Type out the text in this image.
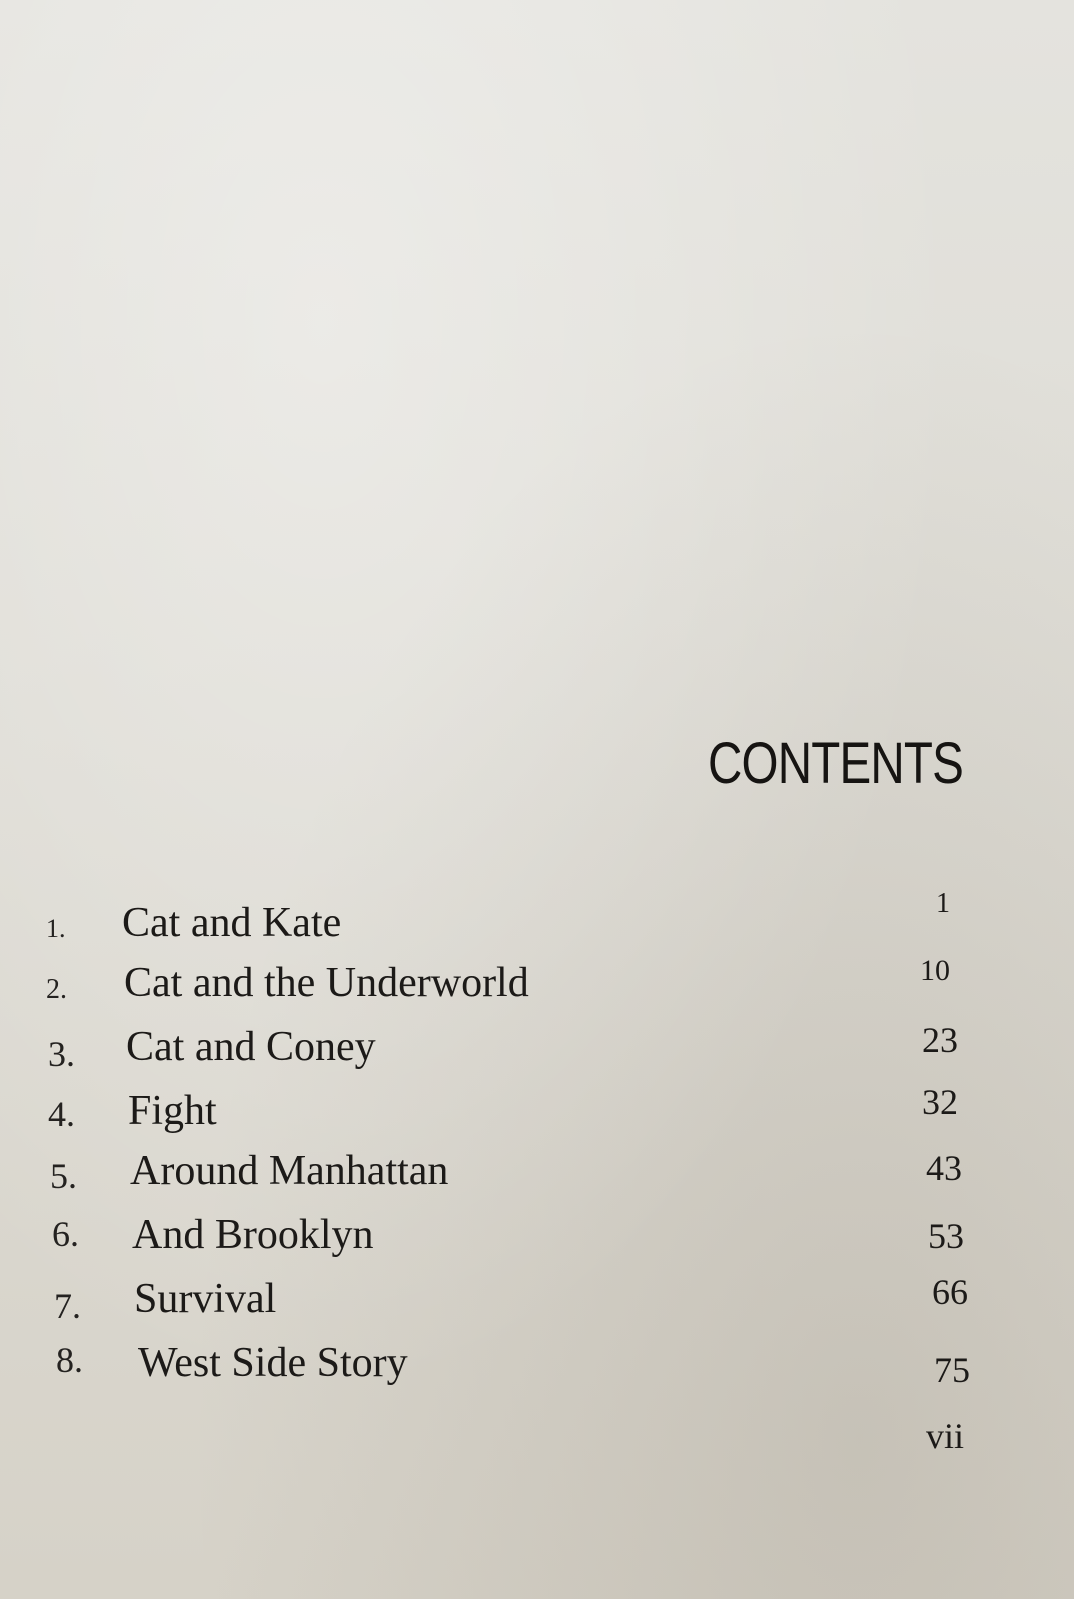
CONTENTS
1. Cat and Kate	1
2. Cat and the Underworld	10
3. Cat and Coney	23
4. Fight	32
5. Around Manhattan	43
6. And Brooklyn	53
7. Survival	66
8. West Side Story	75
vii
